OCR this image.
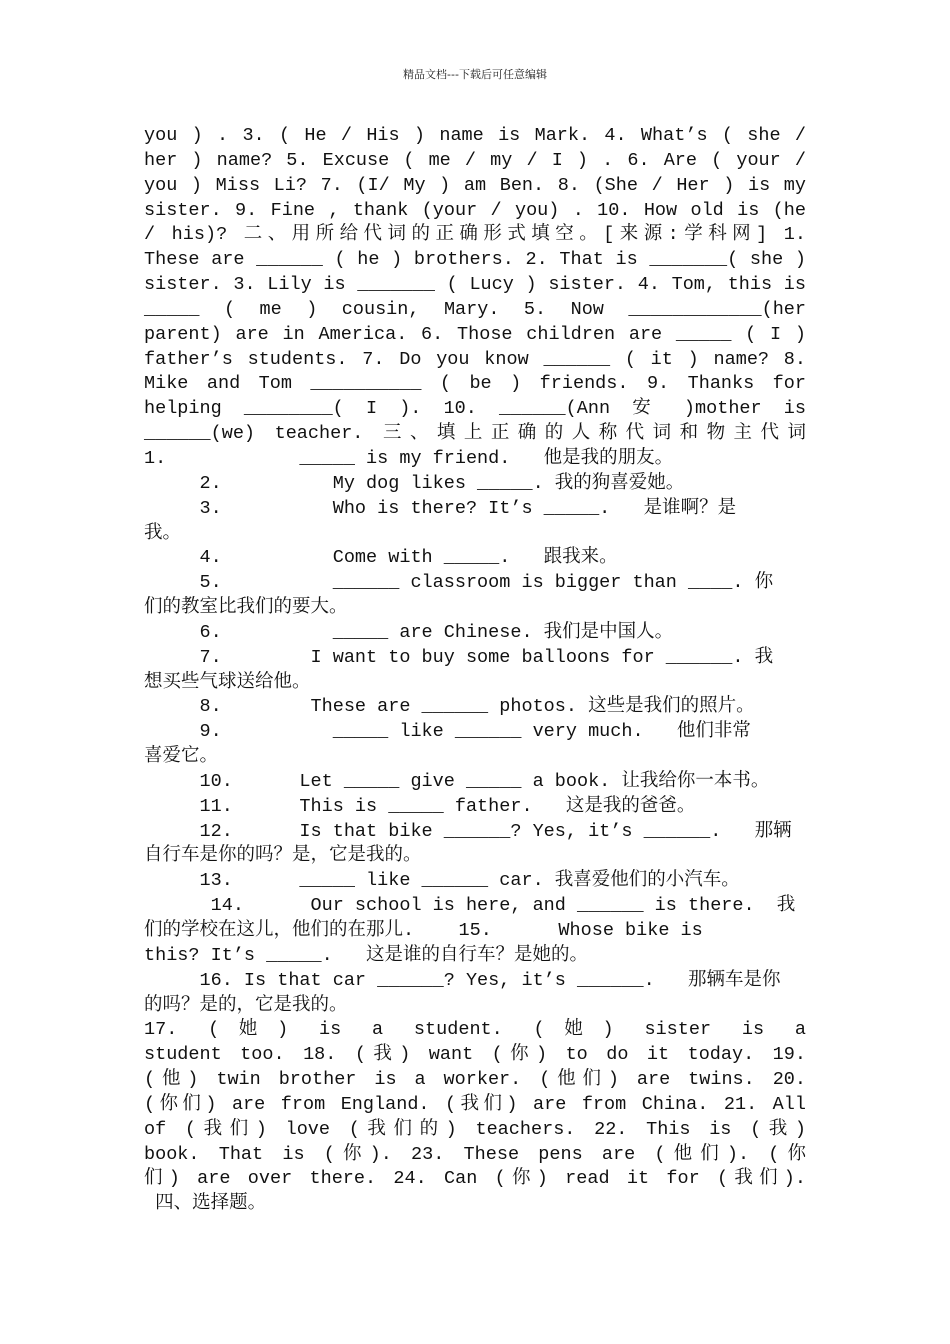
精品文档---下载后可任意编辑
you ) . 3. ( He / His ) name is Mark. 4. What’s ( she /
her ) name? 5. Excuse ( me / my / I ) . 6. Are ( your /
you ) Miss Li? 7. (I/ My ) am Ben. 8. (She / Her ) is my
sister. 9. Fine , thank (your / you) . 10. How old is (he
/ his)? 二、用所给代词的正确形式填空。[来源:学科网] 1.
These are ______ ( he ) brothers. 2. That is _______( she )
sister. 3. Lily is _______ ( Lucy ) sister. 4. Tom, this is
_____ ( me ) cousin, Mary. 5. Now ____________(her
parent) are in America. 6. Those children are _____ ( I )
father’s students. 7. Do you know ______ ( it ) name? 8.
Mike and Tom __________ ( be ) friends. 9. Thanks for
helping ________( I ). 10. ______(Ann 安 )mother is
______(we) teacher. 三、填上正确的人称代词和物主代词
1.            _____ is my friend.   他是我的朋友。
2.          My dog likes _____. 我的狗喜爱她。
3.          Who is there? It’s _____.   是谁啊？是
我。
4.          Come with _____.   跟我来。
5.          ______ classroom is bigger than ____. 你
们的教室比我们的要大。
6.          _____ are Chinese. 我们是中国人。
7.        I want to buy some balloons for ______. 我
想买些气球送给他。
8.        These are ______ photos. 这些是我们的照片。
9.          _____ like ______ very much.   他们非常
喜爱它。
10.      Let _____ give _____ a book. 让我给你一本书。
11.      This is _____ father.   这是我的爸爸。
12.      Is that bike ______? Yes, it’s ______.   那辆
自行车是你的吗？是，它是我的。
13.      _____ like ______ car. 我喜爱他们的小汽车。
14.      Our school is here, and ______ is there.  我
们的学校在这儿，他们的在那儿.    15.      Whose bike is
this? It’s _____.   这是谁的自行车？是她的。
16. Is that car ______? Yes, it’s ______.   那辆车是你
的吗？是的，它是我的。
17. (她) is a student. (她) sister is a
student too. 18. (我) want (你) to do it today. 19.
(他) twin brother is a worker. (他们) are twins. 20.
(你们) are from England. (我们) are from China. 21. All
of (我们) love (我们的) teachers. 22. This is (我)
book. That is (你). 23. These pens are (他们). (你
们) are over there. 24. Can (你) read it for (我们).
四、选择题。
